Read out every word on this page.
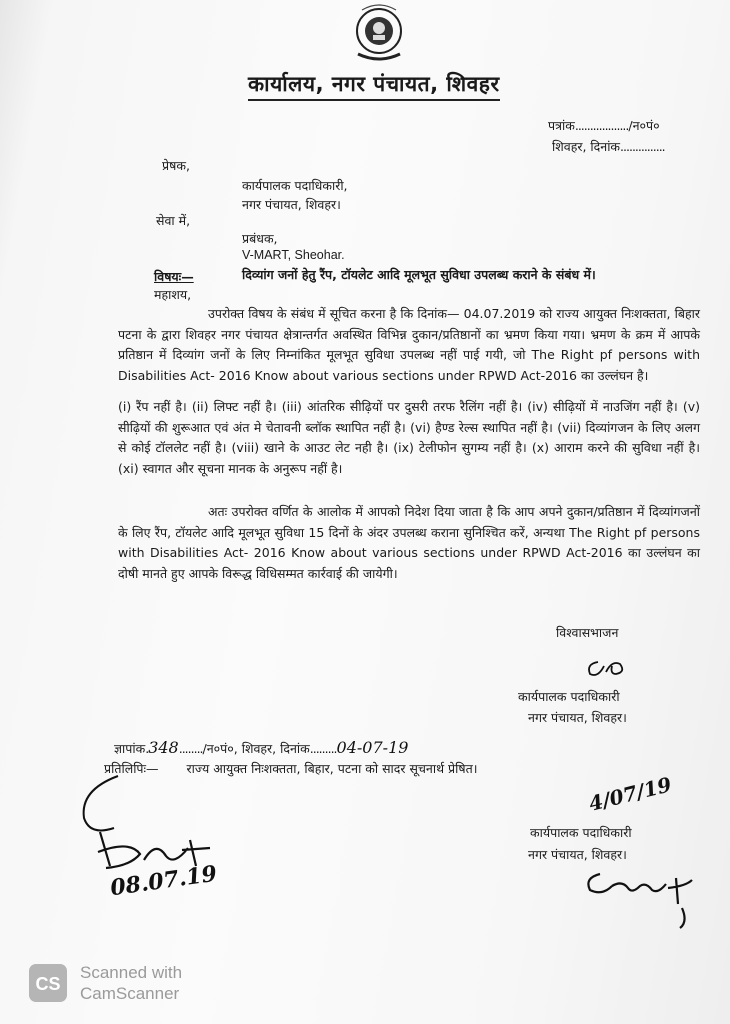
कार्यालय, नगर पंचायत, शिवहर
पत्रांक................../न०पं०
शिवहर, दिनांक...............
प्रेषक,
कार्यपालक पदाधिकारी,
नगर पंचायत, शिवहर।
सेवा में,
प्रबंधक,
V-MART, Sheohar.
विषयः—	दिव्यांग जनों हेतु रैंप, टॉयलेट आदि मूलभूत सुविधा उपलब्ध कराने के संबंध में।
महाशय,
उपरोक्त विषय के संबंध में सूचित करना है कि दिनांक— 04.07.2019 को राज्य आयुक्त निःशक्तता, बिहार पटना के द्वारा शिवहर नगर पंचायत क्षेत्रान्तर्गत अवस्थित विभिन्न दुकान/प्रतिष्ठानों का भ्रमण किया गया। भ्रमण के क्रम में आपके प्रतिष्ठान में दिव्यांग जनों के लिए निम्नांकित मूलभूत सुविधा उपलब्ध नहीं पाई गयी, जो The Right pf persons with Disabilities Act- 2016 Know about various sections under RPWD Act-2016 का उल्लंघन है।
(i) रैंप नहीं है। (ii) लिफ्ट नहीं है। (iii) आंतरिक सीढ़ियों पर दुसरी तरफ रैलिंग नहीं है। (iv) सीढ़ियों में नाउजिंग नहीं है। (v) सीढ़ियों की शुरूआत एवं अंत मे चेतावनी ब्लॉक स्थापित नहीं है। (vi) हैण्ड रेल्स स्थापित नहीं है। (vii) दिव्यांगजन के लिए अलग से कोई टॉललेट नहीं है। (viii) खाने के आउट लेट नही है। (ix) टेलीफोन सुगम्य नहीं है। (x) आराम करने की सुविधा नहीं है। (xi) स्वागत और सूचना मानक के अनुरूप नहीं है।
अतः उपरोक्त वर्णित के आलोक में आपको निदेश दिया जाता है कि आप अपने दुकान/प्रतिष्ठान में दिव्यांगजनों के लिए रैंप, टॉयलेट आदि मूलभूत सुविधा 15 दिनों के अंदर उपलब्ध कराना सुनिश्चित करें, अन्यथा The Right pf persons with Disabilities Act- 2016 Know about various sections under RPWD Act-2016 का उल्लंघन का दोषी मानते हुए आपके विरूद्ध विधिसम्मत कार्रवाई की जायेगी।
विश्वासभाजन
कार्यपालक पदाधिकारी
नगर पंचायत, शिवहर।
ज्ञापांक.348......../न०पं०, शिवहर, दिनांक.........04-07-19
प्रतिलिपिः— राज्य आयुक्त निःशक्तता, बिहार, पटना को सादर सूचनार्थ प्रेषित।
08.07.19
4/07/19
कार्यपालक पदाधिकारी
नगर पंचायत, शिवहर।
CS
Scanned with
CamScanner
